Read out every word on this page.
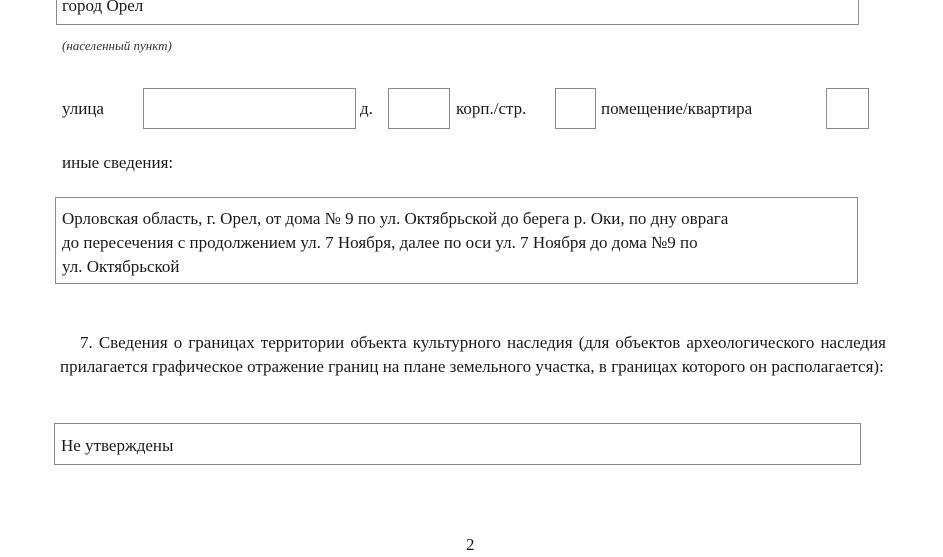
город Орел
(населенный пункт)
улица	д.	корп./стр.	помещение/квартира
иные сведения:
Орловская область, г. Орел, от дома № 9 по ул. Октябрьской до берега р. Оки, по дну оврага
до пересечения с продолжением ул. 7 Ноября, далее по оси ул. 7 Ноября до дома №9 по
ул. Октябрьской
7. Сведения о границах территории объекта культурного наследия (для объектов археологического наследия прилагается графическое отражение границ на плане земельного участка, в границах которого он располагается):
Не утверждены
2
